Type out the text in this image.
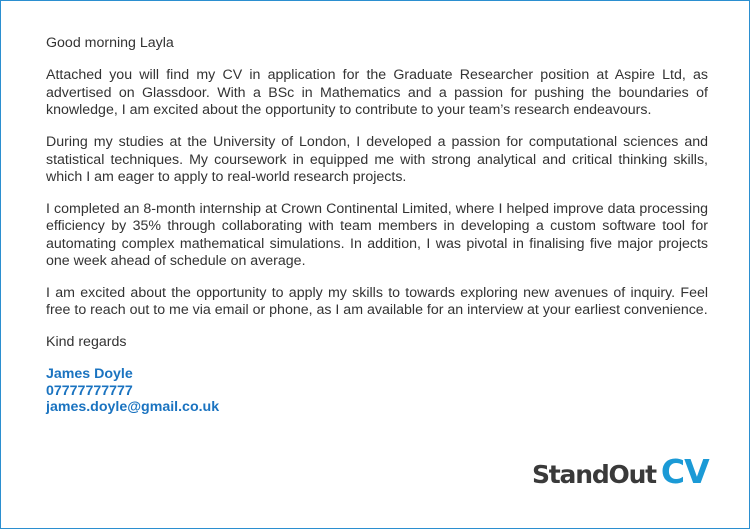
Good morning Layla

Attached you will find my CV in application for the Graduate Researcher position at Aspire Ltd, as advertised on Glassdoor. With a BSc in Mathematics and a passion for pushing the boundaries of knowledge, I am excited about the opportunity to contribute to your team’s research endeavours.

During my studies at the University of London, I developed a passion for computational sciences and statistical techniques. My coursework in equipped me with strong analytical and critical thinking skills, which I am eager to apply to real-world research projects.

I completed an 8-month internship at Crown Continental Limited, where I helped improve data processing efficiency by 35% through collaborating with team members in developing a custom software tool for automating complex mathematical simulations. In addition, I was pivotal in finalising five major projects one week ahead of schedule on average.

I am excited about the opportunity to apply my skills to towards exploring new avenues of inquiry. Feel free to reach out to me via email or phone, as I am available for an interview at your earliest convenience.

Kind regards

James Doyle
07777777777
james.doyle@gmail.co.uk
StandOut CV
